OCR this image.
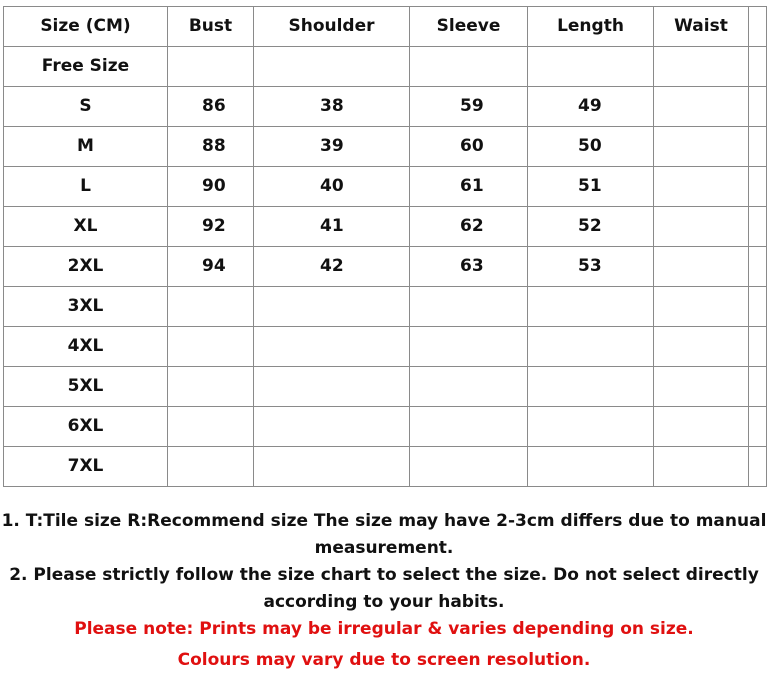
Size (CM)	Bust	Shoulder	Sleeve	Length	Waist	
Free Size						
S	86	38	59	49		
M	88	39	60	50		
L	90	40	61	51		
XL	92	41	62	52		
2XL	94	42	63	53		
3XL						
4XL						
5XL						
6XL						
7XL						
1. T:Tile size R:Recommend size The size may have 2-3cm differs due to manual
measurement.
2. Please strictly follow the size chart to select the size. Do not select directly
according to your habits.
Please note: Prints may be irregular & varies depending on size.
Colours may vary due to screen resolution.
